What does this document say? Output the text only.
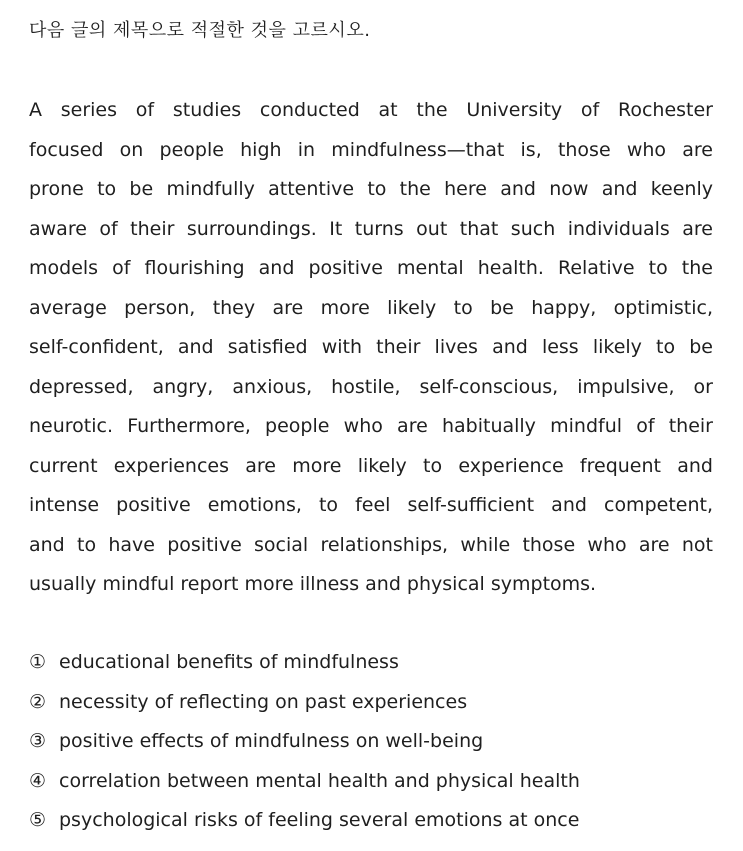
다음 글의 제목으로 적절한 것을 고르시오.
A series of studies conducted at the University of Rochester
focused on people high in mindfulness—that is, those who are
prone to be mindfully attentive to the here and now and keenly
aware of their surroundings. It turns out that such individuals are
models of flourishing and positive mental health. Relative to the
average person, they are more likely to be happy, optimistic,
self-confident, and satisfied with their lives and less likely to be
depressed, angry, anxious, hostile, self-conscious, impulsive, or
neurotic. Furthermore, people who are habitually mindful of their
current experiences are more likely to experience frequent and
intense positive emotions, to feel self-sufficient and competent,
and to have positive social relationships, while those who are not
usually mindful report more illness and physical symptoms.
① educational benefits of mindfulness
② necessity of reflecting on past experiences
③ positive effects of mindfulness on well-being
④ correlation between mental health and physical health
⑤ psychological risks of feeling several emotions at once
